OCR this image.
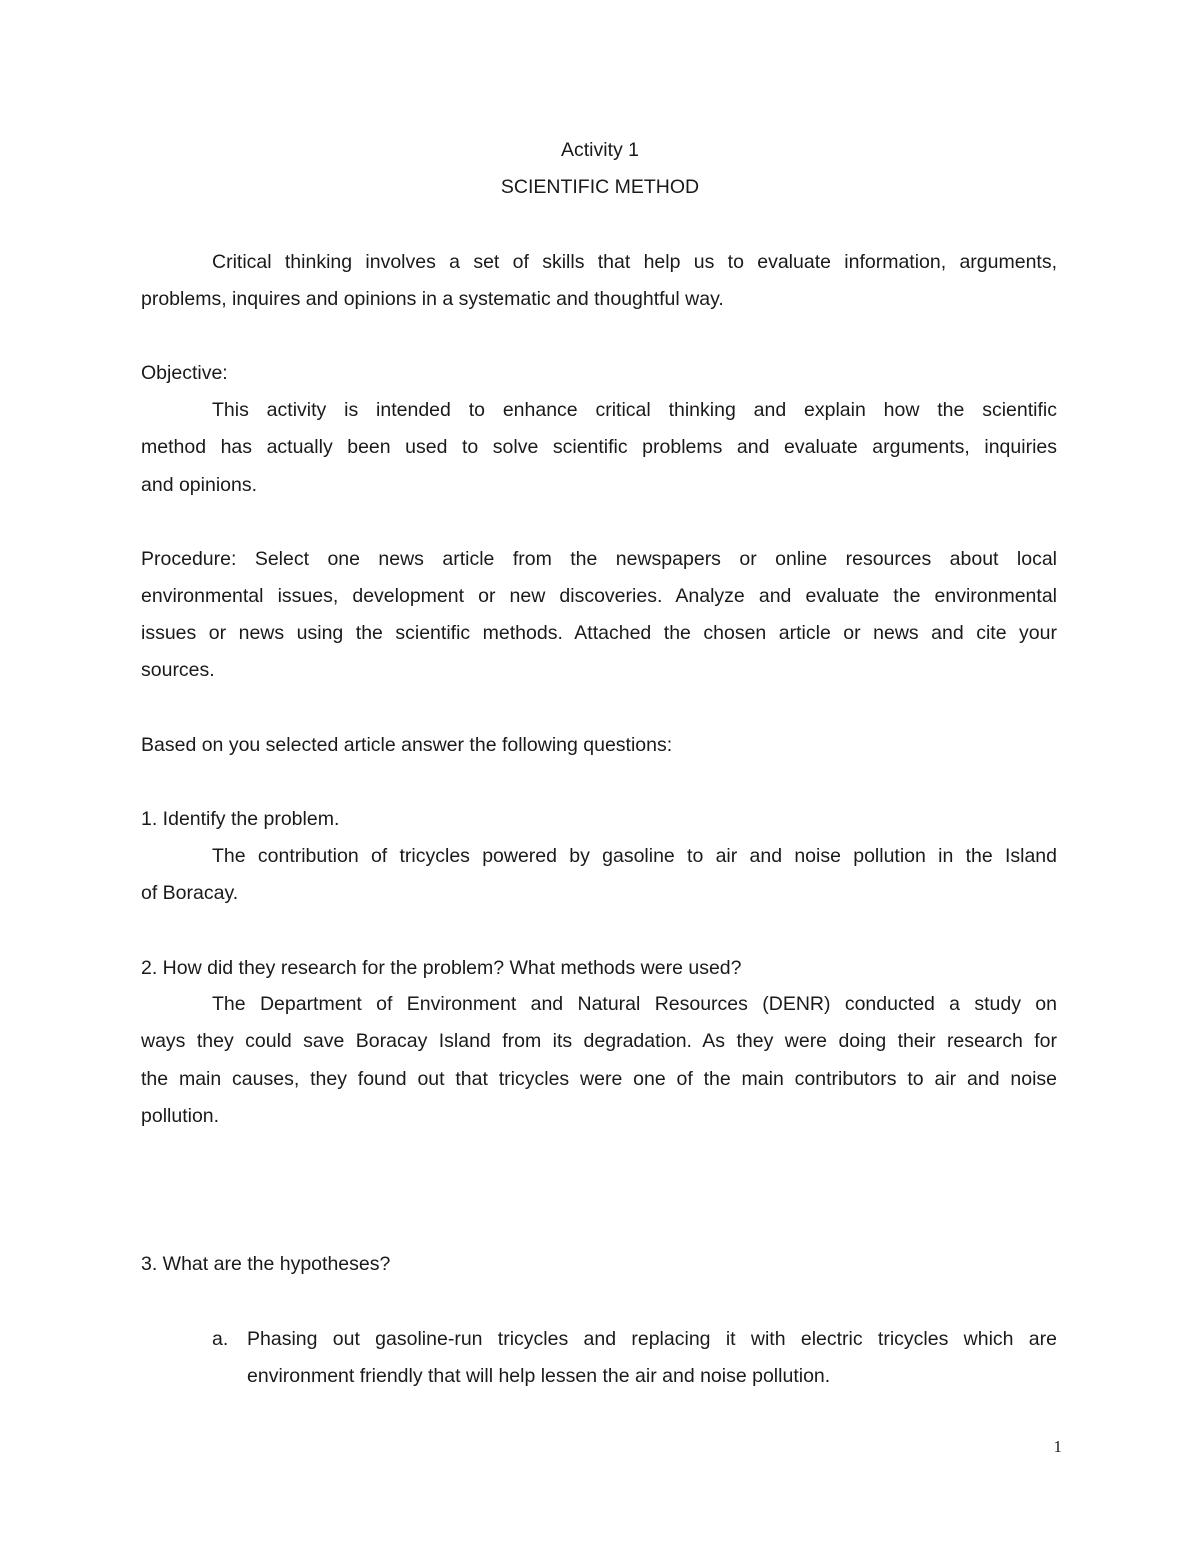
Activity 1
SCIENTIFIC METHOD
Critical thinking involves a set of skills that help us to evaluate information, arguments,
problems, inquires and opinions in a systematic and thoughtful way.
Objective:
This activity is intended to enhance critical thinking and explain how the scientific
method has actually been used to solve scientific problems and evaluate arguments, inquiries
and opinions.
Procedure: Select one news article from the newspapers or online resources about local
environmental issues, development or new discoveries. Analyze and evaluate the environmental
issues or news using the scientific methods. Attached the chosen article or news and cite your
sources.
Based on you selected article answer the following questions:
1. Identify the problem.
The contribution of tricycles powered by gasoline to air and noise pollution in the Island
of Boracay.
2. How did they research for the problem? What methods were used?
The Department of Environment and Natural Resources (DENR) conducted a study on
ways they could save Boracay Island from its degradation. As they were doing their research for
the main causes, they found out that tricycles were one of the main contributors to air and noise
pollution.
3. What are the hypotheses?
a. Phasing out gasoline-run tricycles and replacing it with electric tricycles which are
environment friendly that will help lessen the air and noise pollution.
1
